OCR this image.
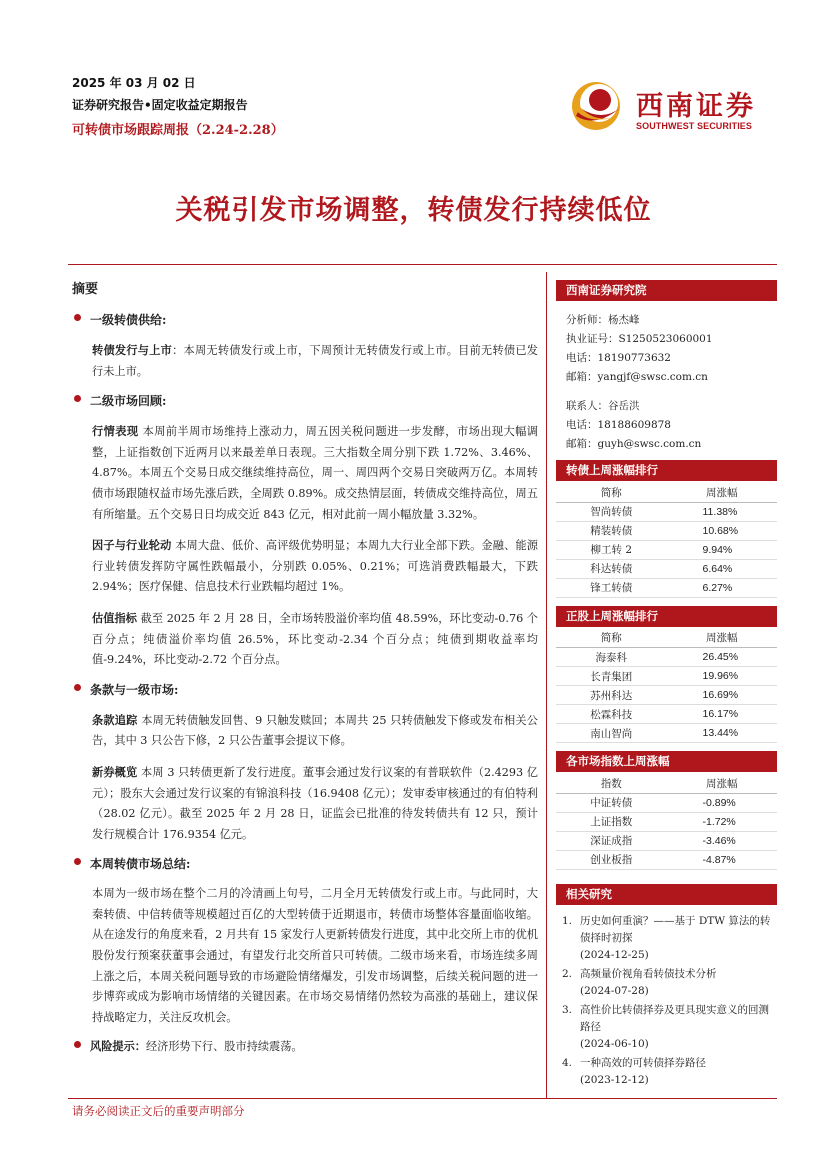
2025 年 03 月 02 日
证券研究报告•固定收益定期报告
可转债市场跟踪周报（2.24-2.28）
西南证券
SOUTHWEST SECURITIES
关税引发市场调整，转债发行持续低位
摘要
一级转债供给:

转债发行与上市：本周无转债发行或上市，下周预计无转债发行或上市。目前无转债已发行未上市。

二级市场回顾:

行情表现 本周前半周市场维持上涨动力，周五因关税问题进一步发酵，市场出现大幅调整，上证指数创下近两月以来最差单日表现。三大指数全周分别下跌 1.72%、3.46%、4.87%。本周五个交易日成交继续维持高位，周一、周四两个交易日突破两万亿。本周转债市场跟随权益市场先涨后跌，全周跌 0.89%。成交热情层面，转债成交维持高位，周五有所缩量。五个交易日日均成交近 843 亿元，相对此前一周小幅放量 3.32%。

因子与行业轮动 本周大盘、低价、高评级优势明显；本周九大行业全部下跌。金融、能源行业转债发挥防守属性跌幅最小，分别跌 0.05%、0.21%；可选消费跌幅最大，下跌 2.94%；医疗保健、信息技术行业跌幅均超过 1%。

估值指标 截至 2025 年 2 月 28 日，全市场转股溢价率均值 48.59%，环比变动-0.76 个百分点；纯债溢价率均值 26.5%，环比变动-2.34 个百分点；纯债到期收益率均值-9.24%，环比变动-2.72 个百分点。

条款与一级市场:

条款追踪 本周无转债触发回售、9 只触发赎回；本周共 25 只转债触发下修或发布相关公告，其中 3 只公告下修，2 只公告董事会提议下修。

新券概览 本周 3 只转债更新了发行进度。董事会通过发行议案的有普联软件（2.4293 亿元）；股东大会通过发行议案的有锦浪科技（16.9408 亿元）；发审委审核通过的有伯特利（28.02 亿元）。截至 2025 年 2 月 28 日，证监会已批准的待发转债共有 12 只，预计发行规模合计 176.9354 亿元。

本周转债市场总结:

本周为一级市场在整个二月的冷清画上句号，二月全月无转债发行或上市。与此同时，大秦转债、中信转债等规模超过百亿的大型转债于近期退市，转债市场整体容量面临收缩。从在途发行的角度来看，2 月共有 15 家发行人更新转债发行进度，其中北交所上市的优机股份发行预案获董事会通过，有望发行北交所首只可转债。二级市场来看，市场连续多周上涨之后，本周关税问题导致的市场避险情绪爆发，引发市场调整，后续关税问题的进一步博弈或成为影响市场情绪的关键因素。在市场交易情绪仍然较为高涨的基础上，建议保持战略定力，关注反攻机会。

风险提示：经济形势下行、股市持续震荡。
西南证券研究院
分析师：杨杰峰
执业证号：S1250523060001
电话：18190773632
邮箱：yangjf@swsc.com.cn
联系人：谷岳洪
电话：18188609878
邮箱：guyh@swsc.com.cn
转债上周涨幅排行
简称	周涨幅
智尚转债	11.38%
精装转债	10.68%
柳工转 2	9.94%
科达转债	6.64%
锋工转债	6.27%
正股上周涨幅排行
简称	周涨幅
海泰科	26.45%
长青集团	19.96%
苏州科达	16.69%
松霖科技	16.17%
南山智尚	13.44%
各市场指数上周涨幅
指数	周涨幅
中证转债	-0.89%
上证指数	-1.72%
深证成指	-3.46%
创业板指	-4.87%
相关研究
1. 历史如何重演？——基于 DTW 算法的转债择时初探
(2024-12-25)
2. 高频量价视角看转债技术分析
(2024-07-28)
3. 高性价比转债择券及更具现实意义的回测路径
(2024-06-10)
4. 一种高效的可转债择券路径
(2023-12-12)
请务必阅读正文后的重要声明部分
